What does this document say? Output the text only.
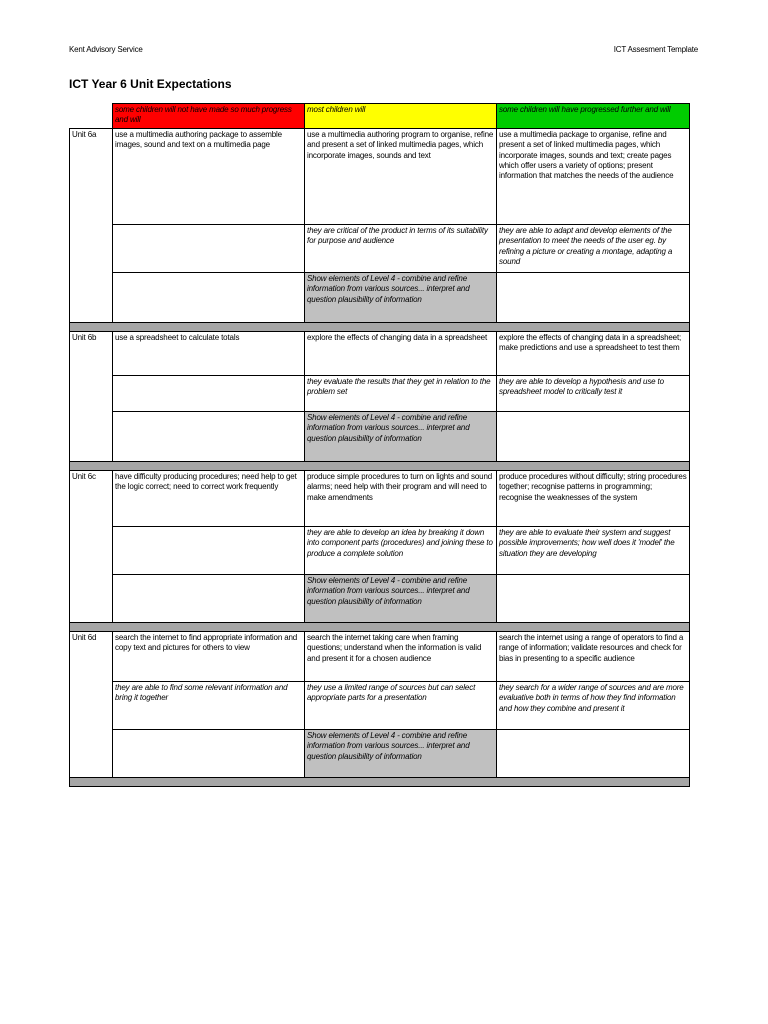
Kent Advisory Service	ICT Assesment Template
ICT Year 6 Unit Expectations
	some children will not have made so much progress and will	most children will	some children will have progressed further and will
Unit 6a	use a multimedia authoring package to assemble images, sound and text on a multimedia page	use a multimedia authoring program to organise, refine and present a set of linked multimedia pages, which incorporate images, sounds and text	use a multimedia package to organise, refine and present a set of linked multimedia pages, which incorporate images, sounds and text; create pages which offer users a variety of options; present information that matches the needs of the audience
		they are critical of the product in terms of its suitability for purpose and audience	they are able to adapt and develop elements of the presentation to meet the needs of the user eg. by refining a picture or creating a montage, adapting a sound
		Show elements of Level 4 - combine and refine information from various sources... interpret and question plausibility of information	

Unit 6b	use a spreadsheet to calculate totals	explore the effects of changing data in a spreadsheet	explore the effects of changing data in a spreadsheet; make predictions and use a spreadsheet to test them
		they evaluate the results that they get in relation to the problem set	they are able to develop a hypothesis and use to spreadsheet model to critically test it
		Show elements of Level 4 - combine and refine information from various sources... interpret and question plausibility of information	

Unit 6c	have difficulty producing procedures; need help to get the logic correct; need to correct work frequently	produce simple procedures to turn on lights and sound alarms; need help with their program and will need to make amendments	produce procedures without difficulty; string procedures together; recognise patterns in programming; recognise the weaknesses of the system
		they are able to develop an idea by breaking it down into component parts (procedures) and joining these to produce a complete solution	they are able to evaluate their system and suggest possible improvements; how well does it 'model' the situation they are developing
		Show elements of Level 4 - combine and refine information from various sources... interpret and question plausibility of information	

Unit 6d	search the internet to find appropriate information and copy text and pictures for others to view	search the internet taking care when framing questions; understand when the information is valid and present it for a chosen audience	search the internet using a range of operators to find a range of information; validate resources and check for bias in presenting to a specific audience
	they are able to find some relevant information and bring it together	they use a limited range of sources but can select appropriate parts for a presentation	they search for a wider range of sources and are more evaluative both in terms of how they find information and how they combine and present it
		Show elements of Level 4 - combine and refine information from various sources... interpret and question plausibility of information	
